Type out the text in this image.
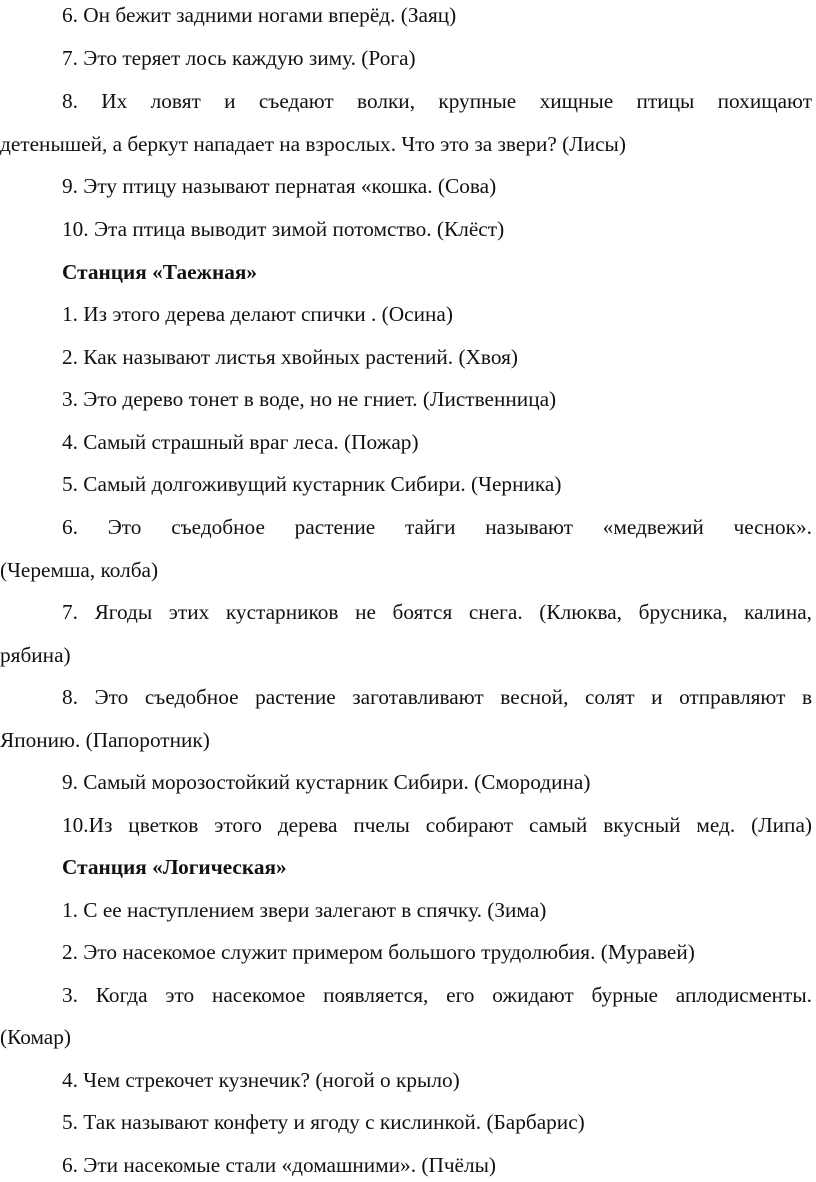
6. Он бежит задними ногами вперёд. (Заяц)
7. Это теряет лось каждую зиму. (Рога)
8. Их ловят и съедают волки, крупные хищные птицы похищают
детенышей, а беркут нападает на взрослых. Что это за звери? (Лисы)
9. Эту птицу называют пернатая «кошка. (Сова)
10. Эта птица выводит зимой потомство. (Клёст)
Станция «Таежная»
1. Из этого дерева делают спички . (Осина)
2. Как называют листья хвойных растений. (Хвоя)
3. Это дерево тонет в воде, но не гниет. (Лиственница)
4. Самый страшный враг леса. (Пожар)
5. Самый долгоживущий кустарник Сибири. (Черника)
6. Это съедобное растение тайги называют «медвежий чеснок».
(Черемша, колба)
7. Ягоды этих кустарников не боятся снега. (Клюква, брусника, калина,
рябина)
8. Это съедобное растение заготавливают весной, солят и отправляют в
Японию. (Папоротник)
9. Самый морозостойкий кустарник Сибири. (Смородина)
10.Из цветков этого дерева пчелы собирают самый вкусный мед. (Липа)
Станция «Логическая»
1. С ее наступлением звери залегают в спячку. (Зима)
2. Это насекомое служит примером большого трудолюбия. (Муравей)
3. Когда это насекомое появляется, его ожидают бурные аплодисменты.
(Комар)
4. Чем стрекочет кузнечик? (ногой о крыло)
5. Так называют конфету и ягоду с кислинкой. (Барбарис)
6. Эти насекомые стали «домашними». (Пчёлы)
